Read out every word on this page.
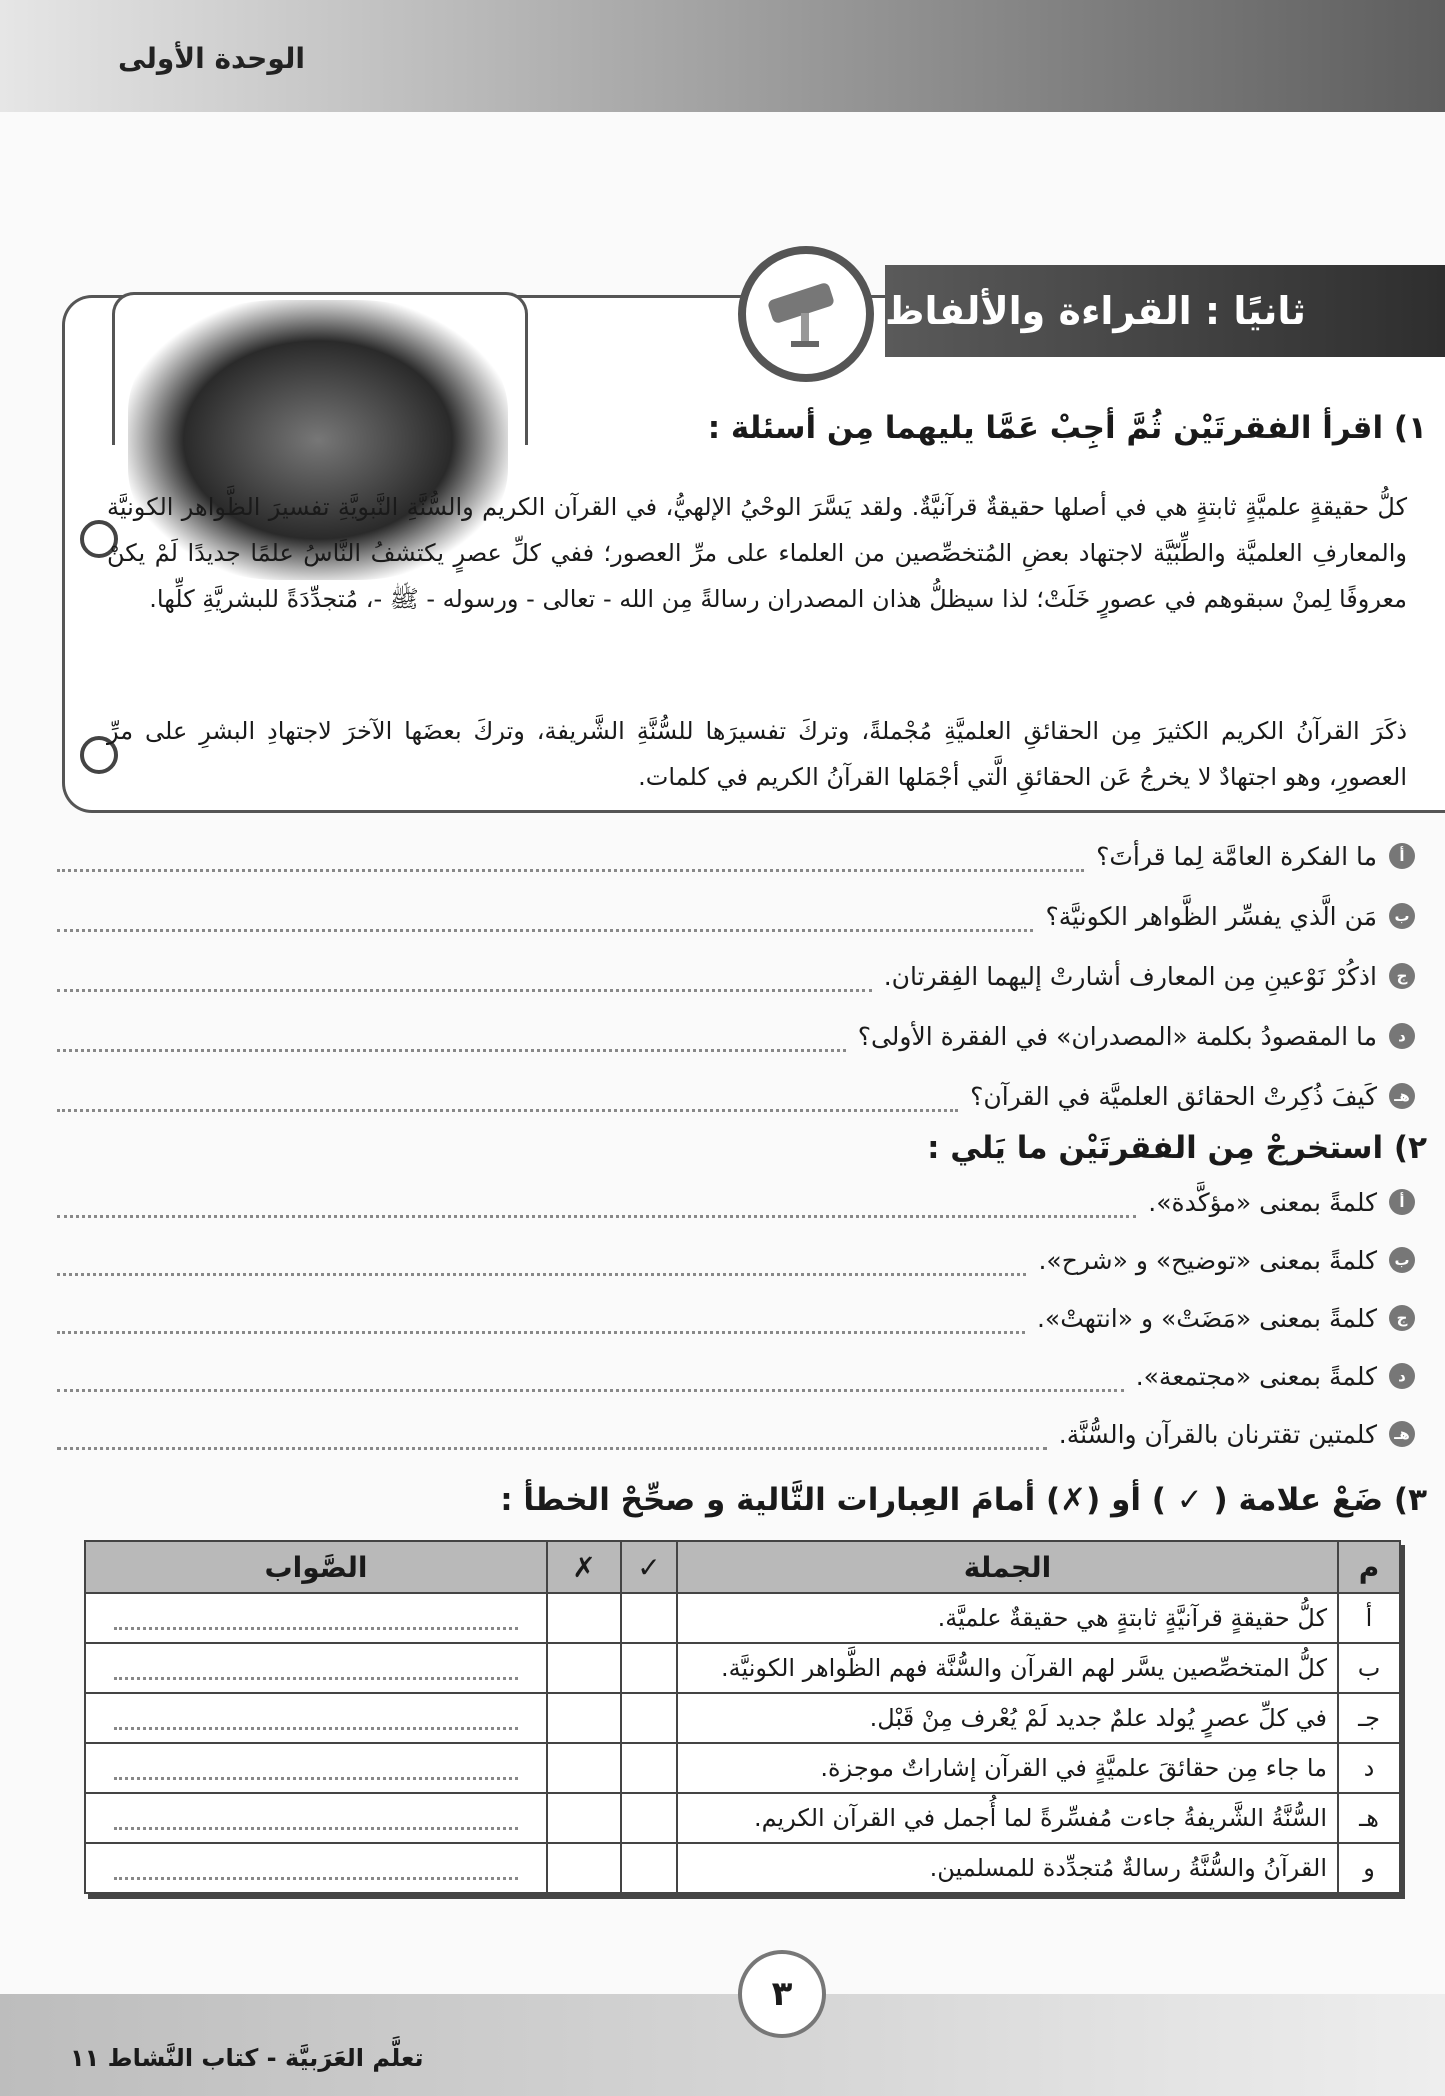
الوحدة الأولى
ثانيًا : القراءة والألفاظ
١) اقرأ الفقرتَيْن ثُمَّ أجِبْ عَمَّا يليهما مِن أسئلة :
كلُّ حقيقةٍ علميَّةٍ ثابتةٍ هي في أصلها حقيقةٌ قرآنيَّةٌ. ولقد يَسَّرَ الوحْيُ الإلهيُّ، في القرآن الكريم والسُّنَّةِ النَّبويَّةِ تفسيرَ الظَّواهر الكونيَّة والمعارفِ العلميَّة والطِّبّيَّة لاجتهاد بعضِ المُتخصِّصين من العلماء على مرِّ العصور؛ ففي كلِّ عصرٍ يكتشفُ النَّاسُ علمًا جديدًا لَمْ يكنْ معروفًا لِمنْ سبقوهم في عصورٍ خَلَتْ؛ لذا سيظلُّ هذان المصدران رسالةً مِن الله - تعالى - ورسوله - ﷺ -، مُتجدِّدَةً للبشريَّةِ كلِّها.
ذكَرَ القرآنُ الكريم الكثيرَ مِن الحقائقِ العلميَّةِ مُجْملةً، وتركَ تفسيرَها للسُّنَّةِ الشَّريفة، وتركَ بعضَها الآخرَ لاجتهادِ البشرِ على مرِّ العصورِ، وهو اجتهادٌ لا يخرجُ عَن الحقائقِ الَّتي أجْمَلها القرآنُ الكريم في كلمات.
أ
ما الفكرة العامَّة لِما قرأتَ؟
ب
مَن الَّذي يفسِّر الظَّواهر الكونيَّة؟
ج
اذكُرْ نَوْعينِ مِن المعارف أشارتْ إليهما الفِقرتان.
د
ما المقصودُ بكلمة «المصدران» في الفقرة الأولى؟
هـ
كَيفَ ذُكِرتْ الحقائق العلميَّة في القرآن؟
٢) استخرجْ مِن الفقرتَيْن ما يَلي :
أ
كلمةً بمعنى «مؤكَّدة».
ب
كلمةً بمعنى «توضيح» و «شرح».
ج
كلمةً بمعنى «مَضَتْ» و «انتهتْ».
د
كلمةً بمعنى «مجتمعة».
هـ
كلمتين تقترنان بالقرآن والسُّنَّة.
٣) ضَعْ علامة ( ✓ ) أو (✗) أمامَ العِبارات التَّالية و صحِّحْ الخطأ :
م	الجملة	✓	✗	الصَّواب
أ	كلُّ حقيقةٍ قرآنيَّةٍ ثابتةٍ هي حقيقةٌ علميَّة.			

ب	كلُّ المتخصِّصين يسَّر لهم القرآن والسُّنَّة فهم الظَّواهر الكونيَّة.			

جـ	في كلِّ عصرٍ يُولد علمٌ جديد لَمْ يُعْرف مِنْ قَبْل.			

د	ما جاء مِن حقائقَ علميَّةٍ في القرآن إشاراتٌ موجزة.			

هـ	السُّنَّةُ الشَّريفةُ جاءت مُفسِّرةً لما أُجمل في القرآن الكريم.			

و	القرآنُ والسُّنَّةُ رسالةٌ مُتجدِّدة للمسلمين.			
تعلَّم العَرَبيَّة - كتاب النَّشاط ١١
٣
